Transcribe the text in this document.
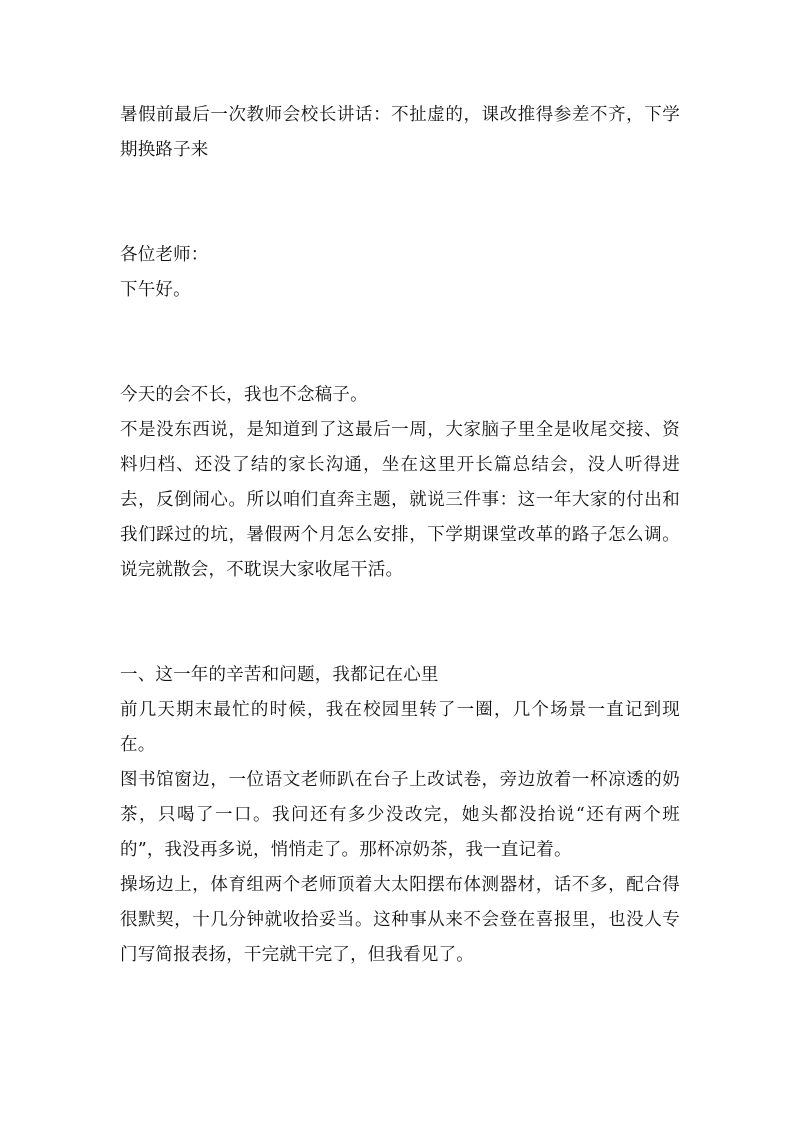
暑假前最后一次教师会校长讲话：不扯虚的，课改推得参差不齐，下学期换路子来

各位老师：

下午好。

今天的会不长，我也不念稿子。

不是没东西说，是知道到了这最后一周，大家脑子里全是收尾交接、资料归档、还没了结的家长沟通，坐在这里开长篇总结会，没人听得进去，反倒闹心。所以咱们直奔主题，就说三件事：这一年大家的付出和我们踩过的坑，暑假两个月怎么安排，下学期课堂改革的路子怎么调。说完就散会，不耽误大家收尾干活。

一、这一年的辛苦和问题，我都记在心里

前几天期末最忙的时候，我在校园里转了一圈，几个场景一直记到现在。

图书馆窗边，一位语文老师趴在台子上改试卷，旁边放着一杯凉透的奶茶，只喝了一口。我问还有多少没改完，她头都没抬说“还有两个班的”，我没再多说，悄悄走了。那杯凉奶茶，我一直记着。

操场边上，体育组两个老师顶着大太阳摆布体测器材，话不多，配合得很默契，十几分钟就收拾妥当。这种事从来不会登在喜报里，也没人专门写简报表扬，干完就干完了，但我看见了。
